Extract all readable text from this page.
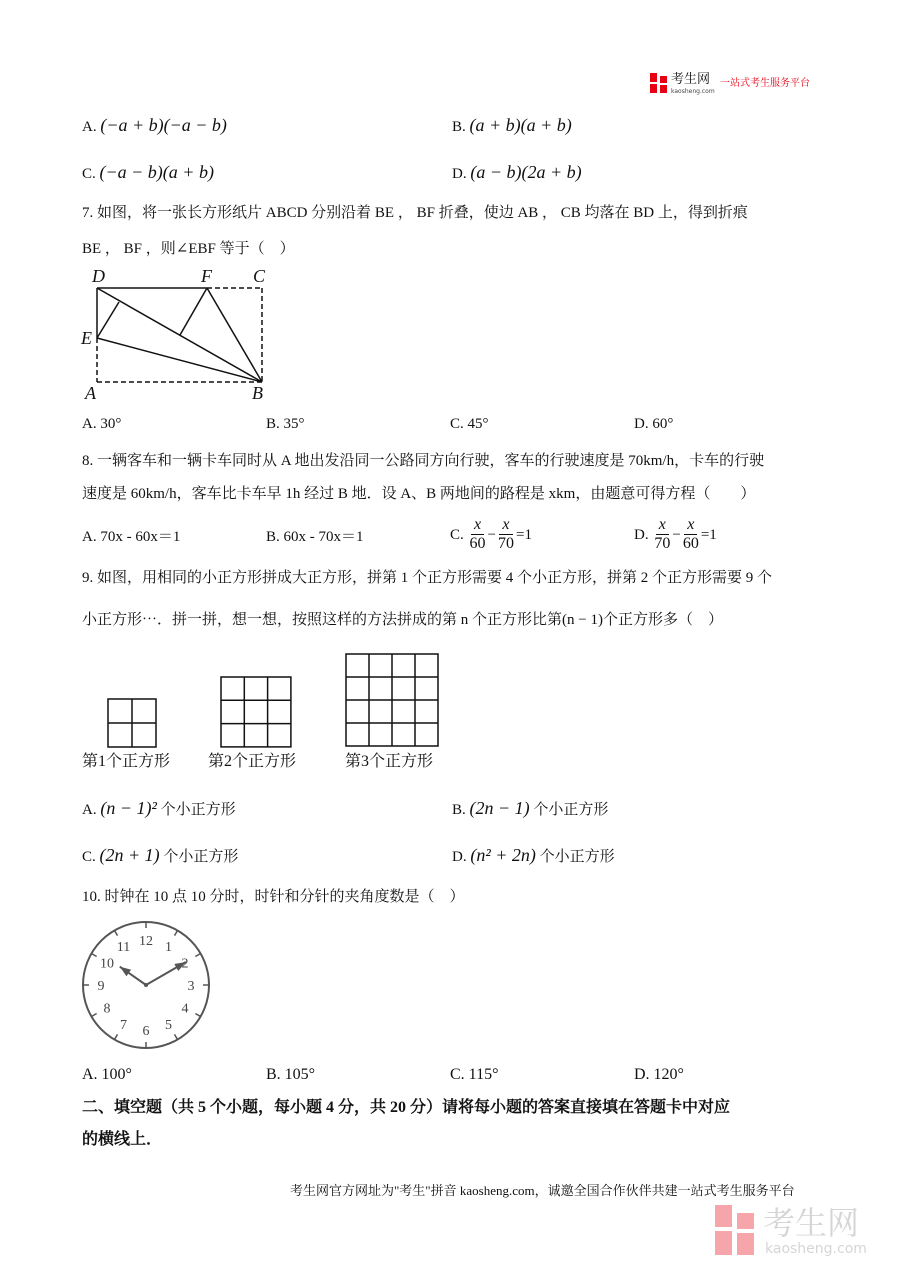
考生网
kaosheng.com
一站式考生服务平台
A. (−a + b)(−a − b)	B. (a + b)(a + b)
C. (−a − b)(a + b)	D. (a − b)(2a + b)
7. 如图，将一张长方形纸片 ABCD 分别沿着 BE ， BF 折叠，使边 AB ， CB 均落在 BD 上，得到折痕
BE ， BF ，则∠EBF 等于（　）
D	F C
E
A	B
A. 30°	B. 35°	C. 45°	D. 60°
8. 一辆客车和一辆卡车同时从 A 地出发沿同一公路同方向行驶，客车的行驶速度是 70km/h，卡车的行驶
速度是 60km/h，客车比卡车早 1h 经过 B 地．设 A、B 两地间的路程是 xkm，由题意可得方程（　　）
A. 70x - 60x＝1	B. 60x - 70x＝1	C.
$\frac{x}{60} - \frac{x}{70} =1$	D.
$\frac{x}{70} - \frac{x}{60} =1$
9. 如图，用相同的小正方形拼成大正方形，拼第 1 个正方形需要 4 个小正方形，拼第 2 个正方形需要 9 个
小正方形⋯．拼一拼，想一想，按照这样的方法拼成的第 n 个正方形比第(n − 1)个正方形多（　）
第1个正方形 第2个正方形	第3个正方形
A. (n − 1)² 个小正方形	B. (2n − 1) 个小正方形
C. (2n + 1) 个小正方形	D. (n² + 2n) 个小正方形
10. 时钟在 10 点 10 分时，时针和分针的夹角度数是（　）
12 1
2
3
4
5
6
7
8
9
10
11
A. 100°	B. 105°	C. 115°	D. 120°
二、填空题（共 5 个小题，每小题 4 分，共 20 分）请将每小题的答案直接填在答题卡中对应
的横线上．
考生网官方网址为"考生"拼音 kaosheng.com，诚邀全国合作伙伴共建一站式考生服务平台
考生网
kaosheng.com
